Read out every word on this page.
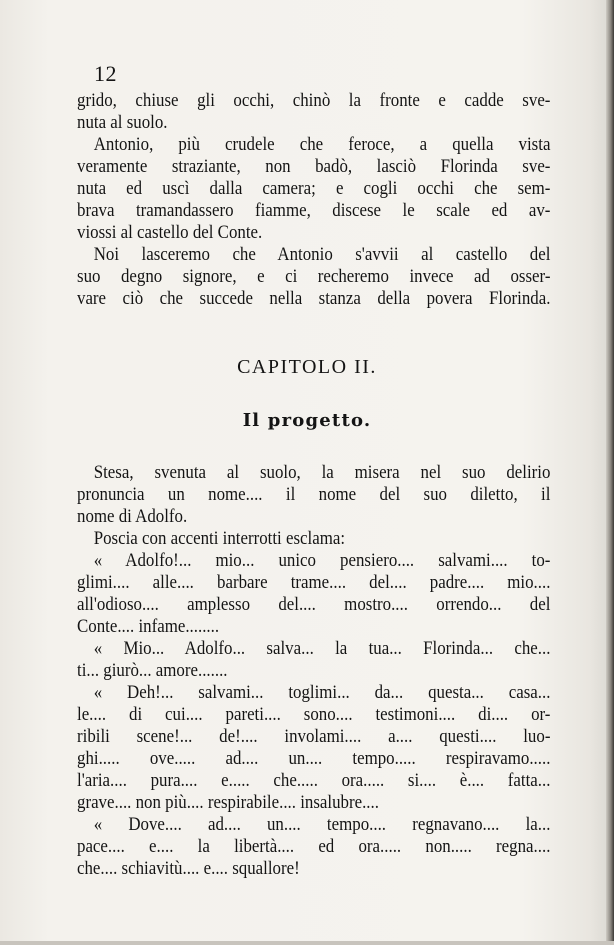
12
grido, chiuse gli occhi, chinò la fronte e cadde sve-
nuta al suolo.
Antonio, più crudele che feroce, a quella vista
veramente straziante, non badò, lasciò Florinda sve-
nuta ed uscì dalla camera; e cogli occhi che sem-
brava tramandassero fiamme, discese le scale ed av-
viossi al castello del Conte.
Noi lasceremo che Antonio s'avvii al castello del
suo degno signore, e ci recheremo invece ad osser-
vare ciò che succede nella stanza della povera Florinda.
CAPITOLO II.
Il progetto.
Stesa, svenuta al suolo, la misera nel suo delirio
pronuncia un nome.... il nome del suo diletto, il
nome di Adolfo.
Poscia con accenti interrotti esclama:
« Adolfo!... mio... unico pensiero.... salvami.... to-
glimi.... alle.... barbare trame.... del.... padre.... mio....
all'odioso.... amplesso del.... mostro.... orrendo... del
Conte.... infame........
« Mio... Adolfo... salva... la tua... Florinda... che...
ti... giurò... amore.......
« Deh!... salvami... toglimi... da... questa... casa...
le.... di cui.... pareti.... sono.... testimoni.... di.... or-
ribili scene!... de!.... involami.... a.... questi.... luo-
ghi..... ove..... ad.... un.... tempo..... respiravamo.....
l'aria.... pura.... e..... che..... ora..... si.... è.... fatta...
grave.... non più.... respirabile.... insalubre....
« Dove.... ad.... un.... tempo.... regnavano.... la...
pace.... e.... la libertà.... ed ora..... non..... regna....
che.... schiavitù.... e.... squallore!
